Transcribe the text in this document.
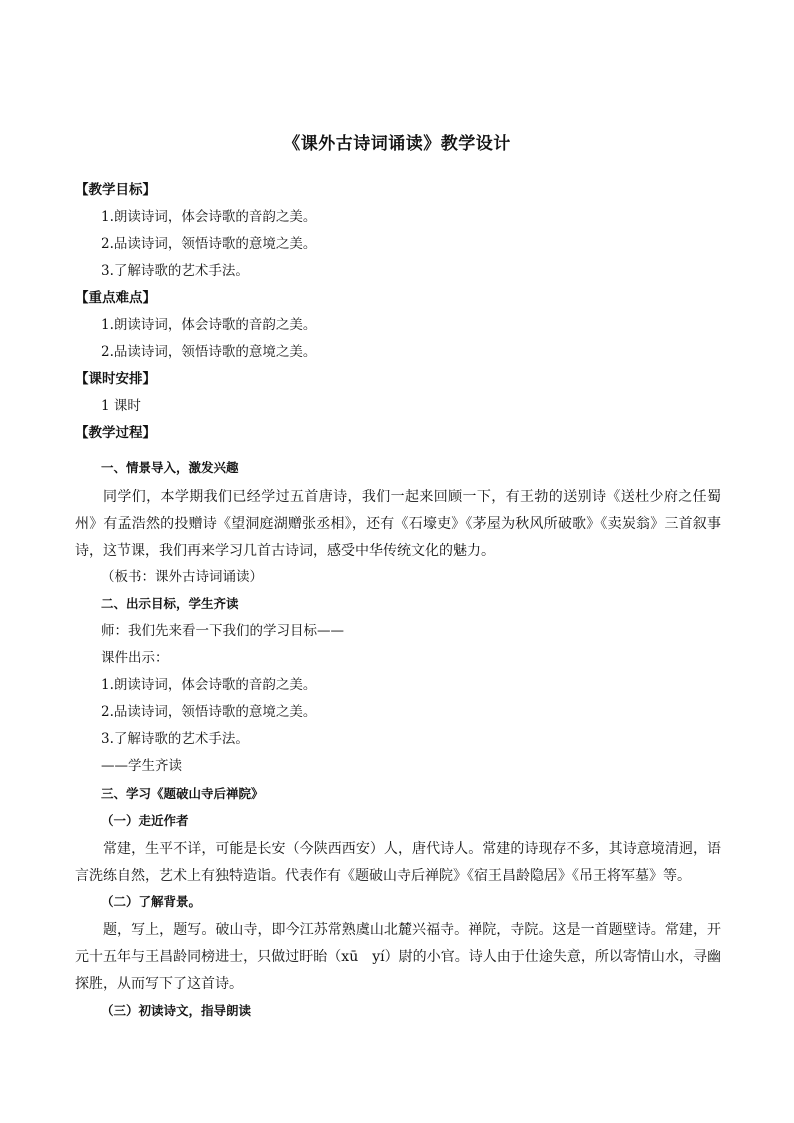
《课外古诗词诵读》教学设计
【教学目标】
1.朗读诗词，体会诗歌的音韵之美。
2.品读诗词，领悟诗歌的意境之美。
3.了解诗歌的艺术手法。
【重点难点】
1.朗读诗词，体会诗歌的音韵之美。
2.品读诗词，领悟诗歌的意境之美。
【课时安排】
1 课时
【教学过程】
一、情景导入，激发兴趣
同学们，本学期我们已经学过五首唐诗，我们一起来回顾一下，有王勃的送别诗《送杜少府之任蜀州》有孟浩然的投赠诗《望洞庭湖赠张丞相》，还有《石壕吏》《茅屋为秋风所破歌》《卖炭翁》三首叙事诗，这节课，我们再来学习几首古诗词，感受中华传统文化的魅力。
（板书：课外古诗词诵读）
二、出示目标，学生齐读
师：我们先来看一下我们的学习目标——
课件出示：
1.朗读诗词，体会诗歌的音韵之美。
2.品读诗词，领悟诗歌的意境之美。
3.了解诗歌的艺术手法。
——学生齐读
三、学习《题破山寺后禅院》
（一）走近作者
常建，生平不详，可能是长安（今陕西西安）人，唐代诗人。常建的诗现存不多，其诗意境清迥，语言洗练自然，艺术上有独特造诣。代表作有《题破山寺后禅院》《宿王昌龄隐居》《吊王将军墓》等。
（二）了解背景。
题，写上，题写。破山寺，即今江苏常熟虞山北麓兴福寺。禅院，寺院。这是一首题壁诗。常建，开元十五年与王昌龄同榜进士，只做过盱眙（xū　yí）尉的小官。诗人由于仕途失意，所以寄情山水，寻幽探胜，从而写下了这首诗。
（三）初读诗文，指导朗读
